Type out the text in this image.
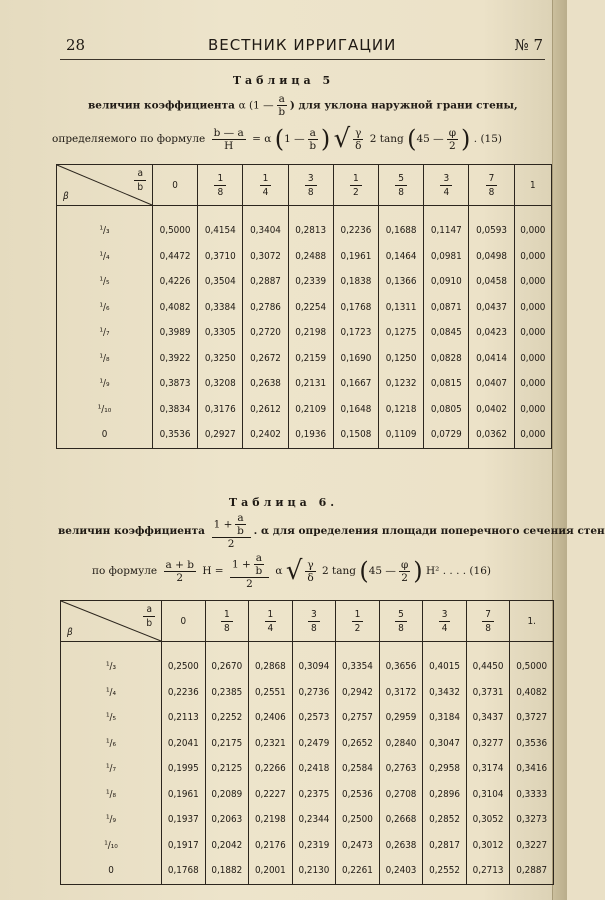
28	ВЕСТНИК ИРРИГАЦИИ	№ 7
Таблица 5
величин коэффициента α (1 — $\frac{a}{b}$ ) для уклона наружной грани стены,
определяемого по формуле $\frac{b — a}{H} = \alpha$ (1 — $\frac{a}{b}$ ) √ $\frac{\gamma}{\delta} 2$ tang (45 — $\frac{\varphi}{2}$ ) . (15)
$\frac{a}{b}$
β	0	$\frac{1}{8}$	$\frac{1}{4}$	$\frac{3}{8}$	$\frac{1}{2}$	$\frac{5}{8}$	$\frac{3}{4}$	$\frac{7}{8}$	1

¹/₃	0,5000	0,4154	0,3404	0,2813	0,2236	0,1688	0,1147	0,0593	0,000
¹/₄	0,4472	0,3710	0,3072	0,2488	0,1961	0,1464	0,0981	0,0498	0,000
¹/₅	0,4226	0,3504	0,2887	0,2339	0,1838	0,1366	0,0910	0,0458	0,000
¹/₆	0,4082	0,3384	0,2786	0,2254	0,1768	0,1311	0,0871	0,0437	0,000
¹/₇	0,3989	0,3305	0,2720	0,2198	0,1723	0,1275	0,0845	0,0423	0,000
¹/₈	0,3922	0,3250	0,2672	0,2159	0,1690	0,1250	0,0828	0,0414	0,000
¹/₉	0,3873	0,3208	0,2638	0,2131	0,1667	0,1232	0,0815	0,0407	0,000
¹/₁₀	0,3834	0,3176	0,2612	0,2109	0,1648	0,1218	0,0805	0,0402	0,000
0	0,3536	0,2927	0,2402	0,1936	0,1508	0,1109	0,0729	0,0362	0,000
Таблица 6.
величин коэффициента $\frac{1 + \frac{a}{b}}{2}$ . α для определения площади поперечного сечения стен
по формуле $\frac{a + b}{2}$ $H = \frac{1 + \frac{a}{b}}{2}$ α √ $\frac{\gamma}{\delta} 2$ tang (45 — $\frac{\varphi}{2}$ ) H² . . . . (16)
$\frac{a}{b}$
β	0	$\frac{1}{8}$	$\frac{1}{4}$	$\frac{3}{8}$	$\frac{1}{2}$	$\frac{5}{8}$	$\frac{3}{4}$	$\frac{7}{8}$	1.

¹/₃	0,2500	0,2670	0,2868	0,3094	0,3354	0,3656	0,4015	0,4450	0,5000
¹/₄	0,2236	0,2385	0,2551	0,2736	0,2942	0,3172	0,3432	0,3731	0,4082
¹/₅	0,2113	0,2252	0,2406	0,2573	0,2757	0,2959	0,3184	0,3437	0,3727
¹/₆	0,2041	0,2175	0,2321	0,2479	0,2652	0,2840	0,3047	0,3277	0,3536
¹/₇	0,1995	0,2125	0,2266	0,2418	0,2584	0,2763	0,2958	0,3174	0,3416
¹/₈	0,1961	0,2089	0,2227	0,2375	0,2536	0,2708	0,2896	0,3104	0,3333
¹/₉	0,1937	0,2063	0,2198	0,2344	0,2500	0,2668	0,2852	0,3052	0,3273
¹/₁₀	0,1917	0,2042	0,2176	0,2319	0,2473	0,2638	0,2817	0,3012	0,3227
0	0,1768	0,1882	0,2001	0,2130	0,2261	0,2403	0,2552	0,2713	0,2887
